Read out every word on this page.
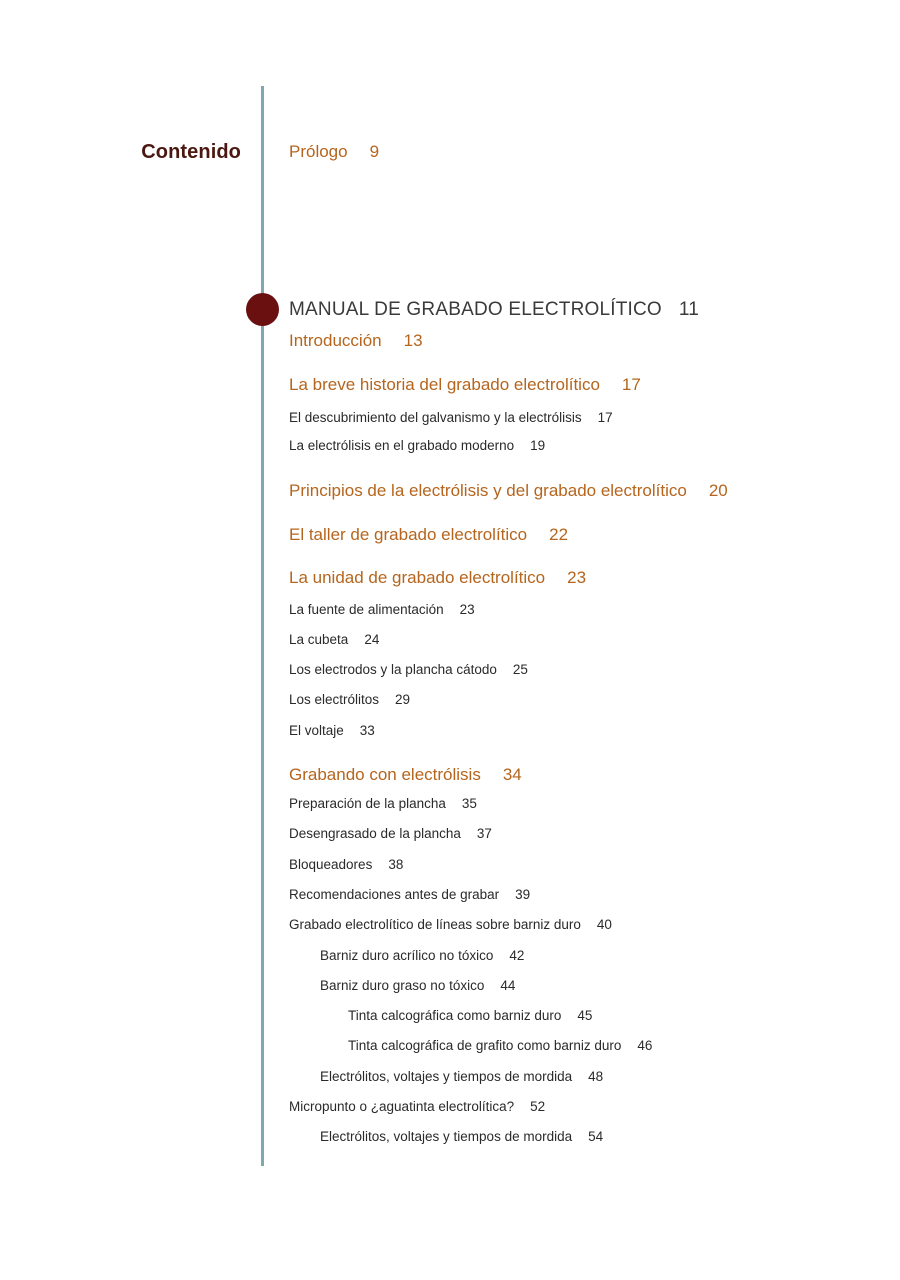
Contenido	Prólogo 9
MANUAL DE GRABADO ELECTROLÍTICO 11
Introducción 13
La breve historia del grabado electrolítico 17
El descubrimiento del galvanismo y la electrólisis 17
La electrólisis en el grabado moderno 19
Principios de la electrólisis y del grabado electrolítico 20
El taller de grabado electrolítico 22
La unidad de grabado electrolítico 23
La fuente de alimentación 23
La cubeta 24
Los electrodos y la plancha cátodo 25
Los electrólitos 29
El voltaje 33
Grabando con electrólisis 34
Preparación de la plancha 35
Desengrasado de la plancha 37
Bloqueadores 38
Recomendaciones antes de grabar 39
Grabado electrolítico de líneas sobre barniz duro 40
Barniz duro acrílico no tóxico 42
Barniz duro graso no tóxico 44
Tinta calcográfica como barniz duro 45
Tinta calcográfica de grafito como barniz duro 46
Electrólitos, voltajes y tiempos de mordida 48
Micropunto o ¿aguatinta electrolítica? 52
Electrólitos, voltajes y tiempos de mordida 54
